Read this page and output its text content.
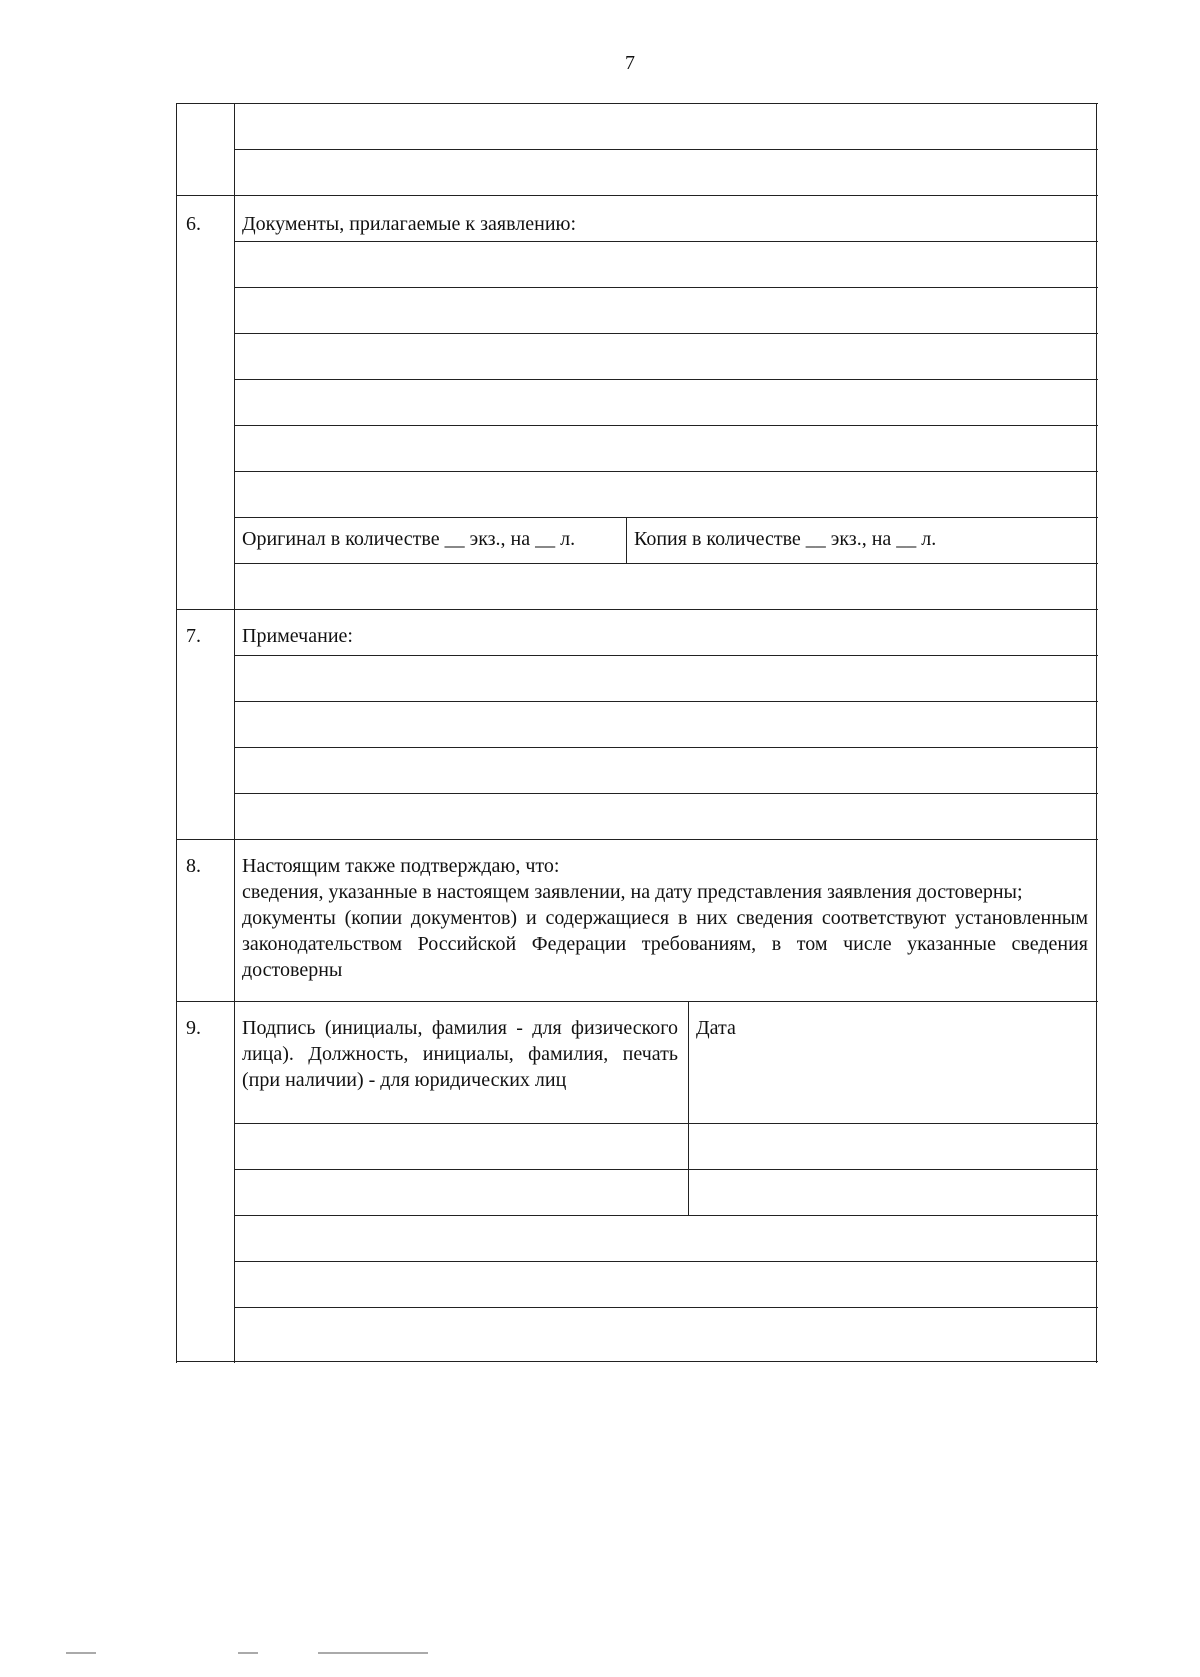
7
6. Документы, прилагаемые к заявлению:
Оригинал в количестве __ экз., на __ л.	Копия в количестве __ экз., на __ л.
7. Примечание:
8. Настоящим также подтверждаю, что:

сведения, указанные в настоящем заявлении, на дату представления заявления достоверны;

документы (копии документов) и содержащиеся в них сведения соответствуют установленным законодательством Российской Федерации требованиям, в том числе указанные сведения достоверны

9. Подпись (инициалы, фамилия - для физического лица). Должность, инициалы, фамилия, печать (при наличии) - для юридических лиц

Дата
